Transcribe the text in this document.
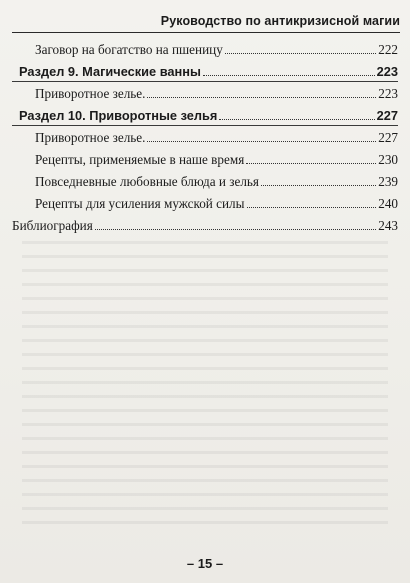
Руководство по антикризисной магии
Заговор на богатство на пшеницу	222
Раздел 9. Магические ванны	223
Приворотное зелье.	223
Раздел 10. Приворотные зелья	227
Приворотное зелье.	227
Рецепты, применяемые в наше время	230
Повседневные любовные блюда и зелья	239
Рецепты для усиления мужской силы	240
Библиография	243
– 15 –
